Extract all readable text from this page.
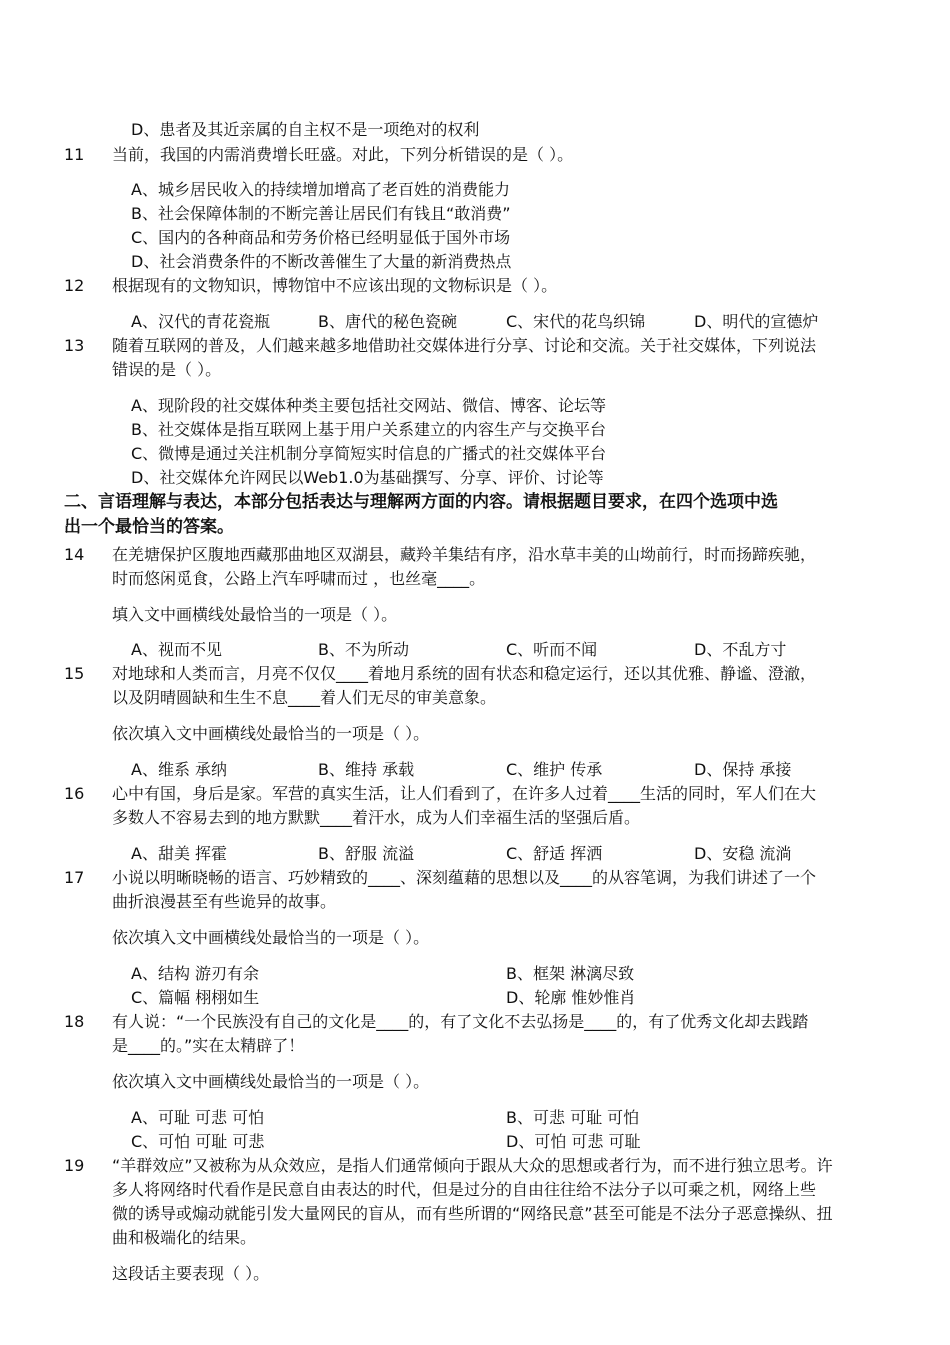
D、患者及其近亲属的自主权不是一项绝对的权利
11 当前，我国的内需消费增长旺盛。对此，下列分析错误的是（ ）。
A、城乡居民收入的持续增加增高了老百姓的消费能力
B、社会保障体制的不断完善让居民们有钱且“敢消费”
C、国内的各种商品和劳务价格已经明显低于国外市场
D、社会消费条件的不断改善催生了大量的新消费热点
12 根据现有的文物知识，博物馆中不应该出现的文物标识是（ ）。
A、汉代的青花瓷瓶	B、唐代的秘色瓷碗	C、宋代的花鸟织锦	D、明代的宣德炉
13 随着互联网的普及，人们越来越多地借助社交媒体进行分享、讨论和交流。关于社交媒体，下列说法
错误的是（ ）。
A、现阶段的社交媒体种类主要包括社交网站、微信、博客、论坛等
B、社交媒体是指互联网上基于用户关系建立的内容生产与交换平台
C、微博是通过关注机制分享简短实时信息的广播式的社交媒体平台
D、社交媒体允许网民以Web1.0为基础撰写、分享、评价、讨论等
二、言语理解与表达，本部分包括表达与理解两方面的内容。请根据题目要求，在四个选项中选
出一个最恰当的答案。
14 在羌塘保护区腹地西藏那曲地区双湖县，藏羚羊集结有序，沿水草丰美的山坳前行，时而扬蹄疾驰，
时而悠闲觅食，公路上汽车呼啸而过 ，也丝毫____。
填入文中画横线处最恰当的一项是（ ）。
A、视而不见	B、不为所动	C、听而不闻	D、不乱方寸
15 对地球和人类而言，月亮不仅仅____着地月系统的固有状态和稳定运行，还以其优雅、静谧、澄澈，
以及阴晴圆缺和生生不息____着人们无尽的审美意象。
依次填入文中画横线处最恰当的一项是（ ）。
A、维系 承纳	B、维持 承载	C、维护 传承	D、保持 承接
16 心中有国，身后是家。军营的真实生活，让人们看到了，在许多人过着____生活的同时，军人们在大
多数人不容易去到的地方默默____着汗水，成为人们幸福生活的坚强后盾。
A、甜美 挥霍	B、舒服 流溢	C、舒适 挥洒	D、安稳 流淌
17 小说以明晰晓畅的语言、巧妙精致的____、深刻蕴藉的思想以及____的从容笔调，为我们讲述了一个
曲折浪漫甚至有些诡异的故事。
依次填入文中画横线处最恰当的一项是（ ）。
A、结构 游刃有余	B、框架 淋漓尽致
C、篇幅 栩栩如生	D、轮廓 惟妙惟肖
18 有人说：“一个民族没有自己的文化是____的，有了文化不去弘扬是____的，有了优秀文化却去践踏
是____的。”实在太精辟了！
依次填入文中画横线处最恰当的一项是（ ）。
A、可耻 可悲 可怕	B、可悲 可耻 可怕
C、可怕 可耻 可悲	D、可怕 可悲 可耻
19 “羊群效应”又被称为从众效应，是指人们通常倾向于跟从大众的思想或者行为，而不进行独立思考。许
多人将网络时代看作是民意自由表达的时代，但是过分的自由往往给不法分子以可乘之机，网络上些
微的诱导或煽动就能引发大量网民的盲从，而有些所谓的“网络民意”甚至可能是不法分子恶意操纵、扭
曲和极端化的结果。
这段话主要表现（ ）。
